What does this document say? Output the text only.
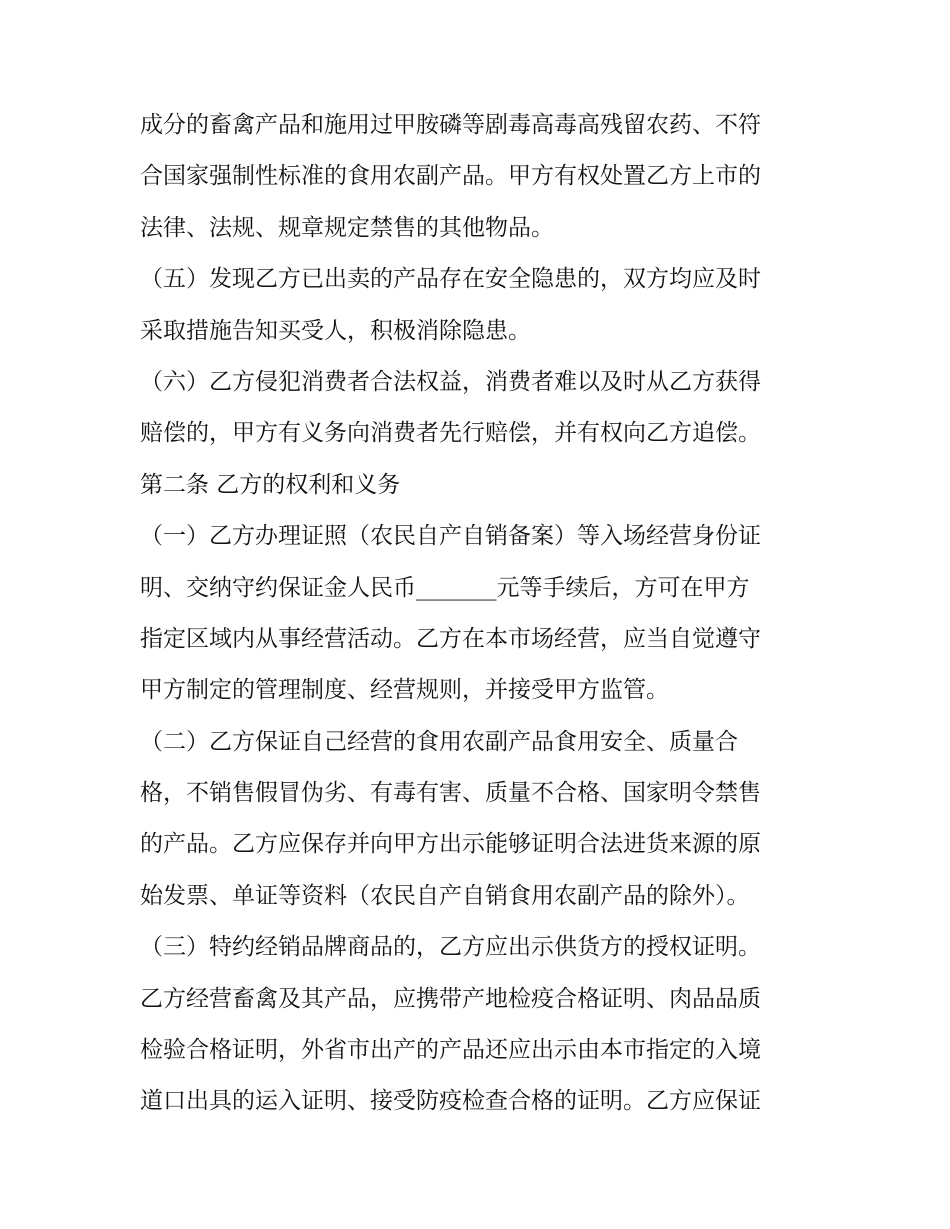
成分的畜禽产品和施用过甲胺磷等剧毒高毒高残留农药、不符
合国家强制性标准的食用农副产品。甲方有权处置乙方上市的
法律、法规、规章规定禁售的其他物品。
（五）发现乙方已出卖的产品存在安全隐患的，双方均应及时
采取措施告知买受人，积极消除隐患。
（六）乙方侵犯消费者合法权益，消费者难以及时从乙方获得
赔偿的，甲方有义务向消费者先行赔偿，并有权向乙方追偿。
第二条 乙方的权利和义务
（一）乙方办理证照（农民自产自销备案）等入场经营身份证
明、交纳守约保证金人民币_______元等手续后，方可在甲方
指定区域内从事经营活动。乙方在本市场经营，应当自觉遵守
甲方制定的管理制度、经营规则，并接受甲方监管。
（二）乙方保证自己经营的食用农副产品食用安全、质量合
格，不销售假冒伪劣、有毒有害、质量不合格、国家明令禁售
的产品。乙方应保存并向甲方出示能够证明合法进货来源的原
始发票、单证等资料（农民自产自销食用农副产品的除外）。
（三）特约经销品牌商品的，乙方应出示供货方的授权证明。
乙方经营畜禽及其产品，应携带产地检疫合格证明、肉品品质
检验合格证明，外省市出产的产品还应出示由本市指定的入境
道口出具的运入证明、接受防疫检查合格的证明。乙方应保证
